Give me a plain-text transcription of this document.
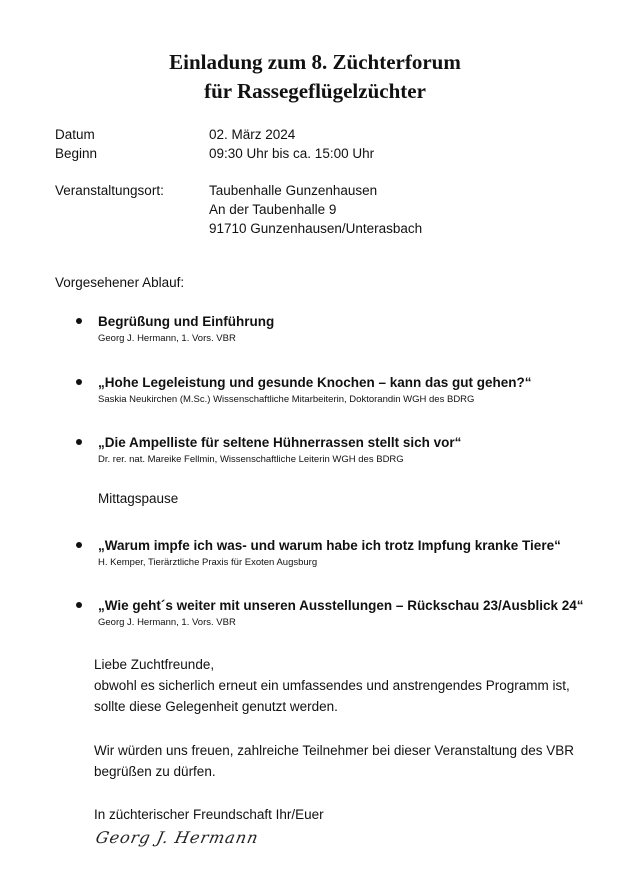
Einladung zum 8. Züchterforum
für Rassegeflügelzüchter
Datum	02. März 2024
Beginn	09:30 Uhr bis ca. 15:00 Uhr
Veranstaltungsort:	Taubenhalle Gunzenhausen
An der Taubenhalle 9
91710 Gunzenhausen/Unterasbach
Vorgesehener Ablauf:
Begrüßung und Einführung
Georg J. Hermann, 1. Vors. VBR
„Hohe Legeleistung und gesunde Knochen – kann das gut gehen?“
Saskia Neukirchen (M.Sc.) Wissenschaftliche Mitarbeiterin, Doktorandin WGH des BDRG
„Die Ampelliste für seltene Hühnerrassen stellt sich vor“
Dr. rer. nat. Mareike Fellmin, Wissenschaftliche Leiterin WGH des BDRG
Mittagspause
„Warum impfe ich was- und warum habe ich trotz Impfung kranke Tiere“
H. Kemper, Tierärztliche Praxis für Exoten Augsburg
„Wie geht´s weiter mit unseren Ausstellungen – Rückschau 23/Ausblick 24“
Georg J. Hermann, 1. Vors. VBR
Liebe Zuchtfreunde,
obwohl es sicherlich erneut ein umfassendes und anstrengendes Programm ist,
sollte diese Gelegenheit genutzt werden.
Wir würden uns freuen, zahlreiche Teilnehmer bei dieser Veranstaltung des VBR
begrüßen zu dürfen.
In züchterischer Freundschaft Ihr/Euer
Georg J. Hermann
